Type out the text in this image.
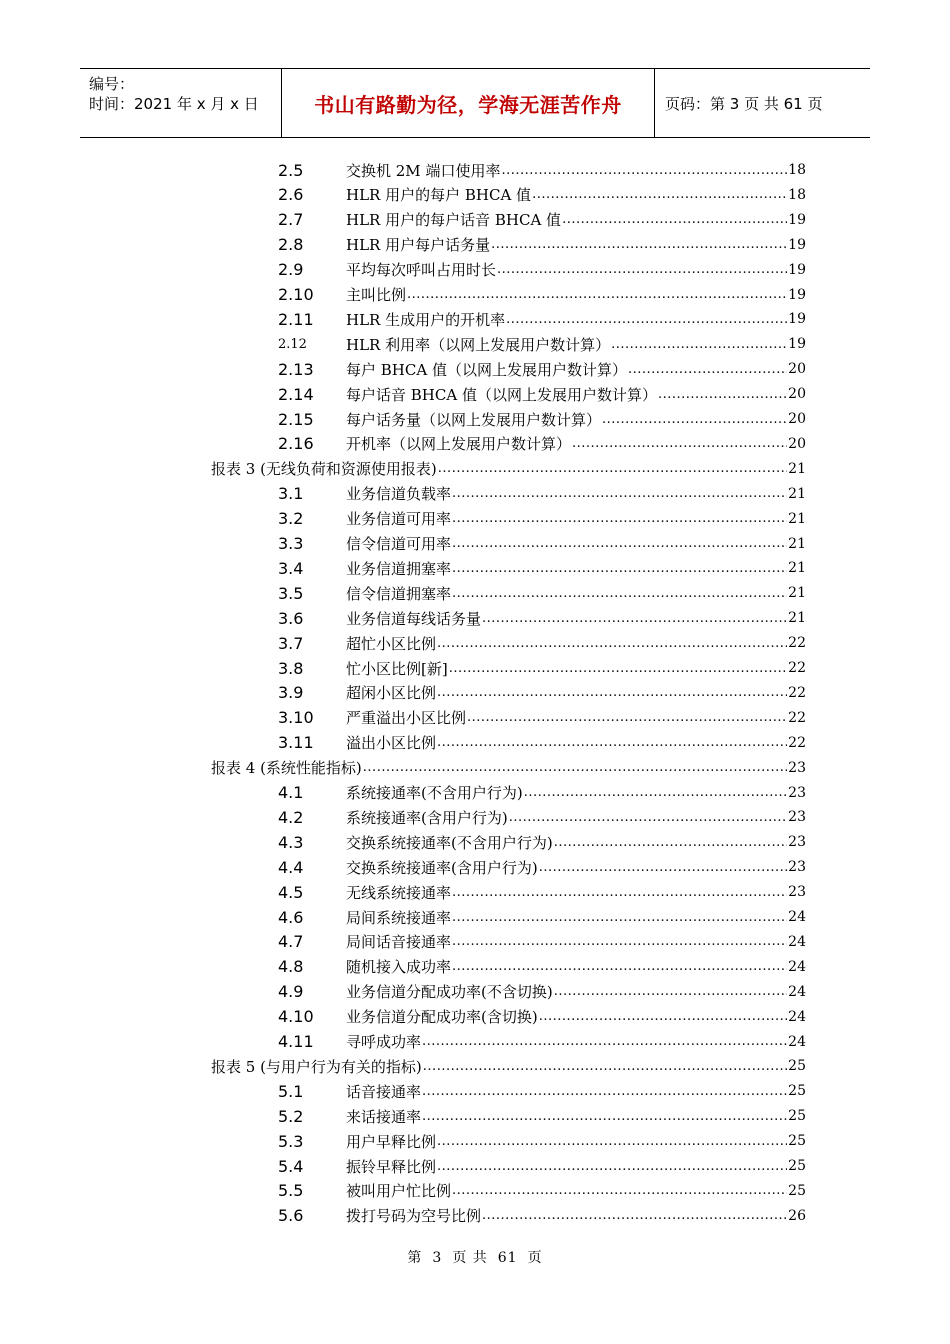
编号：
时间：2021 年 x 月 x 日	书山有路勤为径，学海无涯苦作舟	页码：第 3 页 共 61 页
2.5	交换机 2M 端口使用率 .....	18
2.6	HLR 用户的每户 BHCA 值 .....	18
2.7	HLR 用户的每户话音 BHCA 值 .....	19
2.8	HLR 用户每户话务量 .....	19
2.9	平均每次呼叫占用时长 .....	19
2.10	主叫比例 .....	19
2.11	HLR 生成用户的开机率 .....	19
2.12	HLR 利用率（以网上发展用户数计算） .....	19
2.13	每户 BHCA 值（以网上发展用户数计算） .....	20
2.14	每户话音 BHCA 值（以网上发展用户数计算） .....	20
2.15	每户话务量（以网上发展用户数计算） .....	20
2.16	开机率（以网上发展用户数计算） .....	20
报表 3 (无线负荷和资源使用报表) .....	21
3.1	业务信道负载率 .....	21
3.2	业务信道可用率 .....	21
3.3	信令信道可用率 .....	21
3.4	业务信道拥塞率 .....	21
3.5	信令信道拥塞率 .....	21
3.6	业务信道每线话务量 .....	21
3.7	超忙小区比例 .....	22
3.8	忙小区比例[新] .....	22
3.9	超闲小区比例 .....	22
3.10	严重溢出小区比例 .....	22
3.11	溢出小区比例 .....	22
报表 4 (系统性能指标) .....	23
4.1	系统接通率(不含用户行为) .....	23
4.2	系统接通率(含用户行为) .....	23
4.3	交换系统接通率(不含用户行为) .....	23
4.4	交换系统接通率(含用户行为) .....	23
4.5	无线系统接通率 .....	23
4.6	局间系统接通率 .....	24
4.7	局间话音接通率 .....	24
4.8	随机接入成功率 .....	24
4.9	业务信道分配成功率(不含切换) .....	24
4.10	业务信道分配成功率(含切换) .....	24
4.11	寻呼成功率 .....	24
报表 5 (与用户行为有关的指标) .....	25
5.1	话音接通率 .....	25
5.2	来话接通率 .....	25
5.3	用户早释比例 .....	25
5.4	振铃早释比例 .....	25
5.5	被叫用户忙比例 .....	25
5.6	拨打号码为空号比例 .....	26
第 3 页 共 61 页
